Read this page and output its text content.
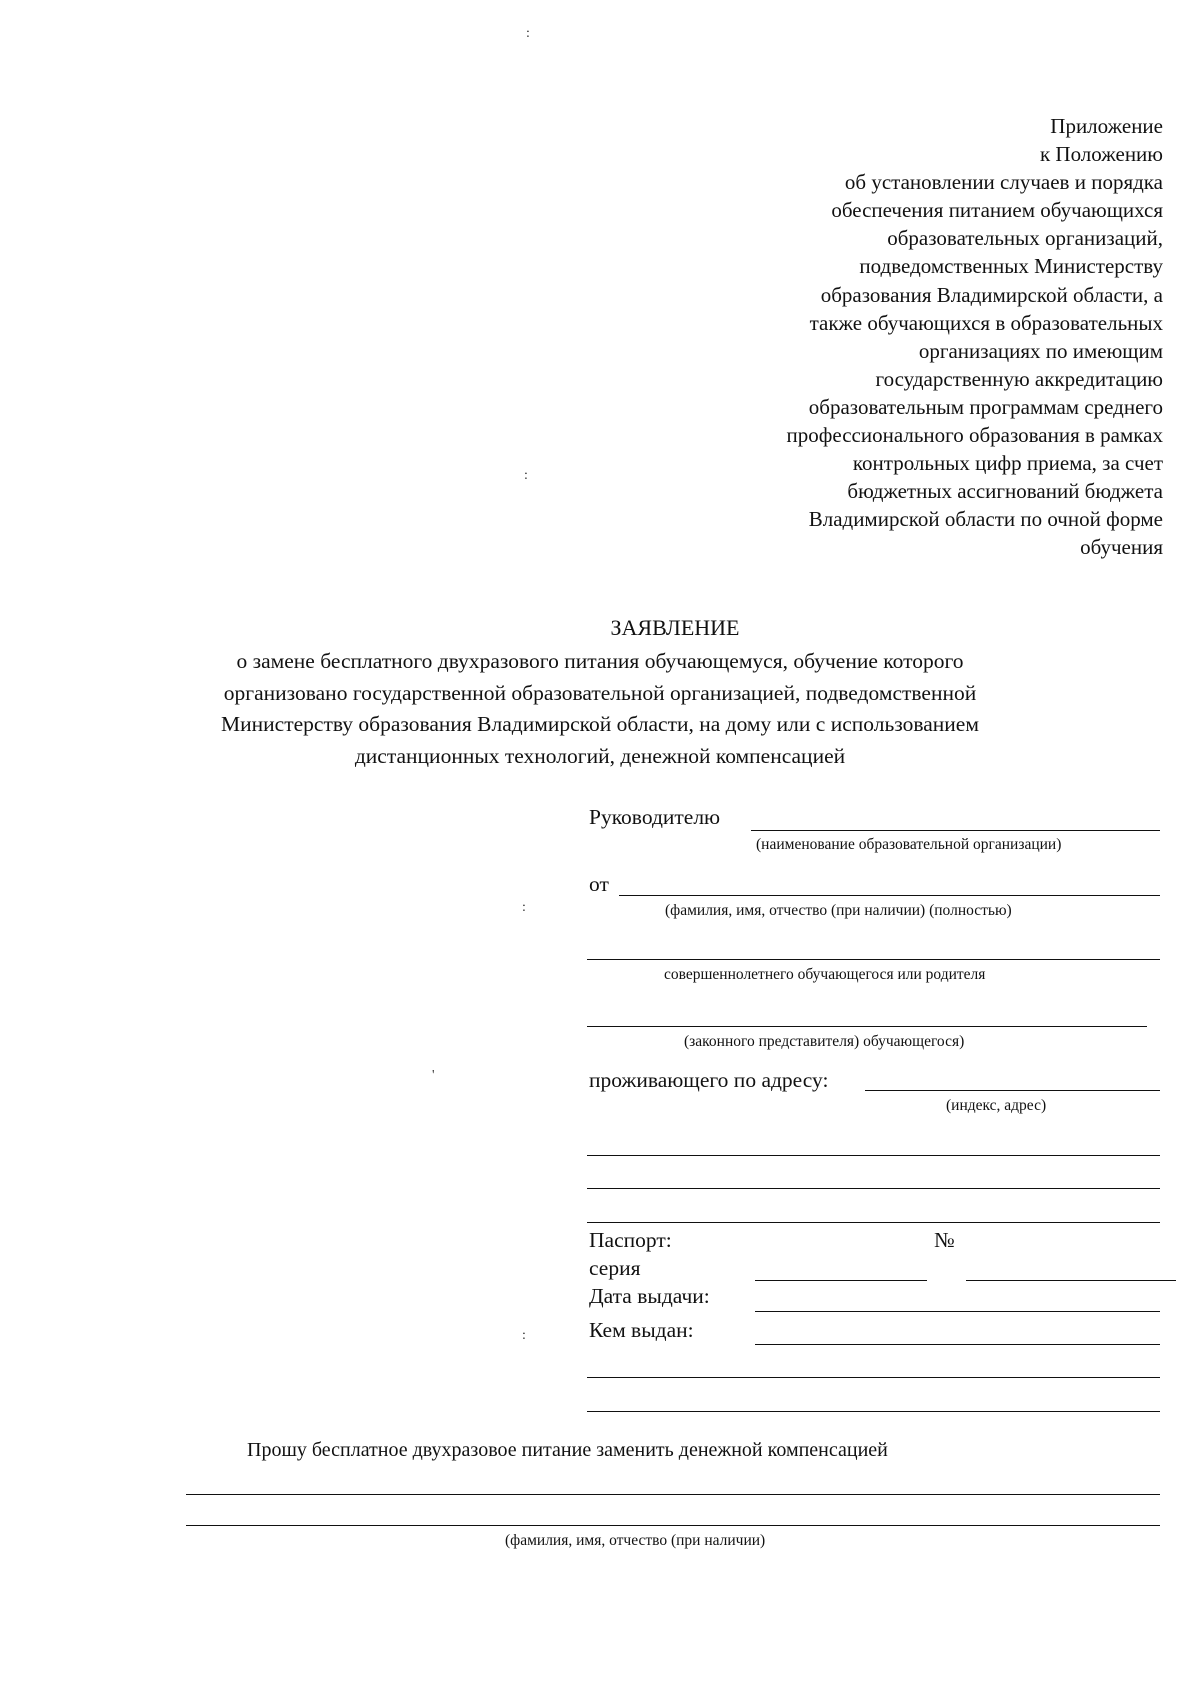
:
:
:
'
:
Приложение
к Положению
об установлении случаев и порядка
обеспечения питанием обучающихся
образовательных организаций,
подведомственных Министерству
образования Владимирской области, а
также обучающихся в образовательных
организациях по имеющим
государственную аккредитацию
образовательным программам среднего
профессионального образования в рамках
контрольных цифр приема, за счет
бюджетных ассигнований бюджета
Владимирской области по очной форме
обучения
ЗАЯВЛЕНИЕ
о замене бесплатного двухразового питания обучающемуся, обучение которого
организовано государственной образовательной организацией, подведомственной
Министерству образования Владимирской области, на дому или с использованием
дистанционных технологий, денежной компенсацией
Руководителю
(наименование образовательной организации)
от
(фамилия, имя, отчество (при наличии) (полностью)
совершеннолетнего обучающегося или родителя
(законного представителя) обучающегося)
проживающего по адресу:
(индекс, адрес)
Паспорт:	№
серия
Дата выдачи:
Кем выдан:
Прошу бесплатное двухразовое питание заменить денежной компенсацией
(фамилия, имя, отчество (при наличии)
